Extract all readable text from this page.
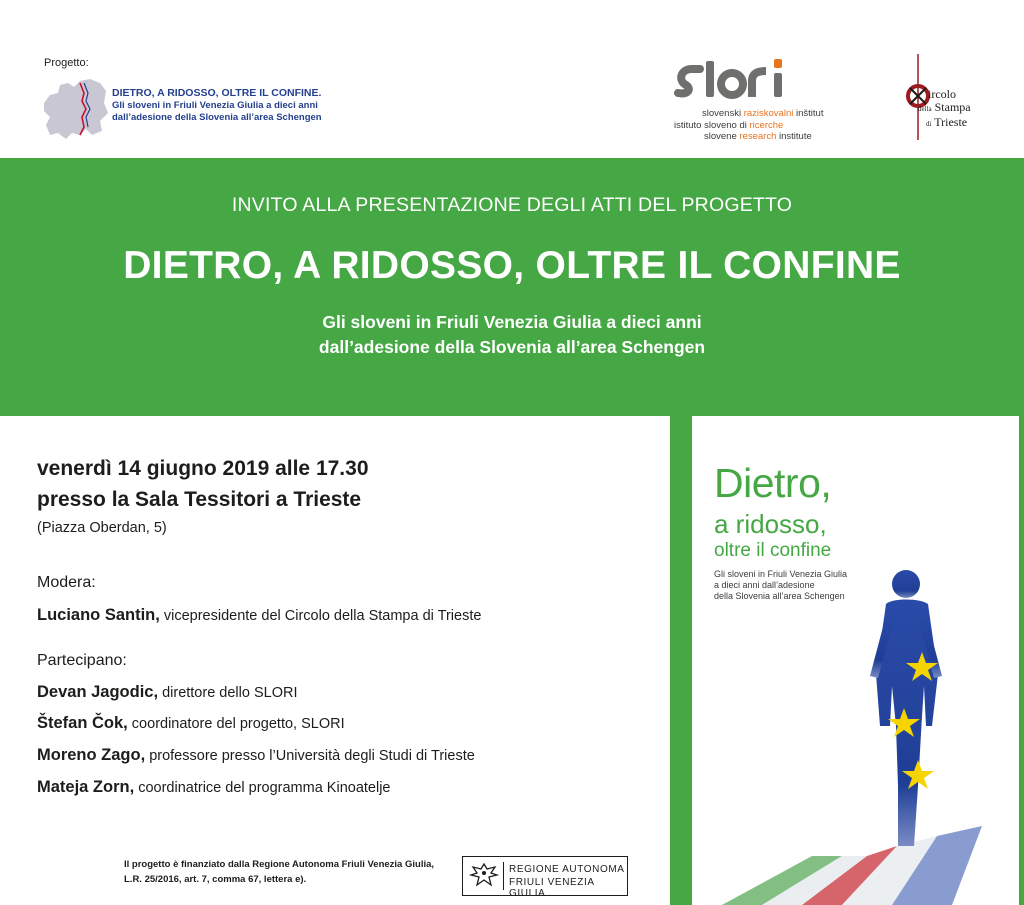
Progetto:
DIETRO, A RIDOSSO, OLTRE IL CONFINE.
Gli sloveni in Friuli Venezia Giulia a dieci anni dall’adesione della Slovenia all’area Schengen	slovenski raziskovalni inštitut
istituto sloveno di ricerche
slovene research institute
ircolo
della Stampa
di Trieste
INVITO ALLA PRESENTAZIONE DEGLI ATTI DEL PROGETTO
DIETRO, A RIDOSSO, OLTRE IL CONFINE
Gli sloveni in Friuli Venezia Giulia a dieci anni
dall’adesione della Slovenia all’area Schengen
venerdì 14 giugno 2019 alle 17.30
presso la Sala Tessitori a Trieste
(Piazza Oberdan, 5)
Modera:
Luciano Santin, vicepresidente del Circolo della Stampa di Trieste
Partecipano:
Devan Jagodic, direttore dello SLORI
Štefan Čok, coordinatore del progetto, SLORI
Moreno Zago, professore presso l’Università degli Studi di Trieste
Mateja Zorn, coordinatrice del programma Kinoatelje
Il progetto è finanziato dalla Regione Autonoma Friuli Venezia Giulia,
L.R. 25/2016, art. 7, comma 67, lettera e).
REGIONE AUTONOMA
FRIULI VENEZIA GIULIA
Dietro,
a ridosso,
oltre il confine
Gli sloveni in Friuli Venezia Giulia
a dieci anni dall’adesione
della Slovenia all’area Schengen
